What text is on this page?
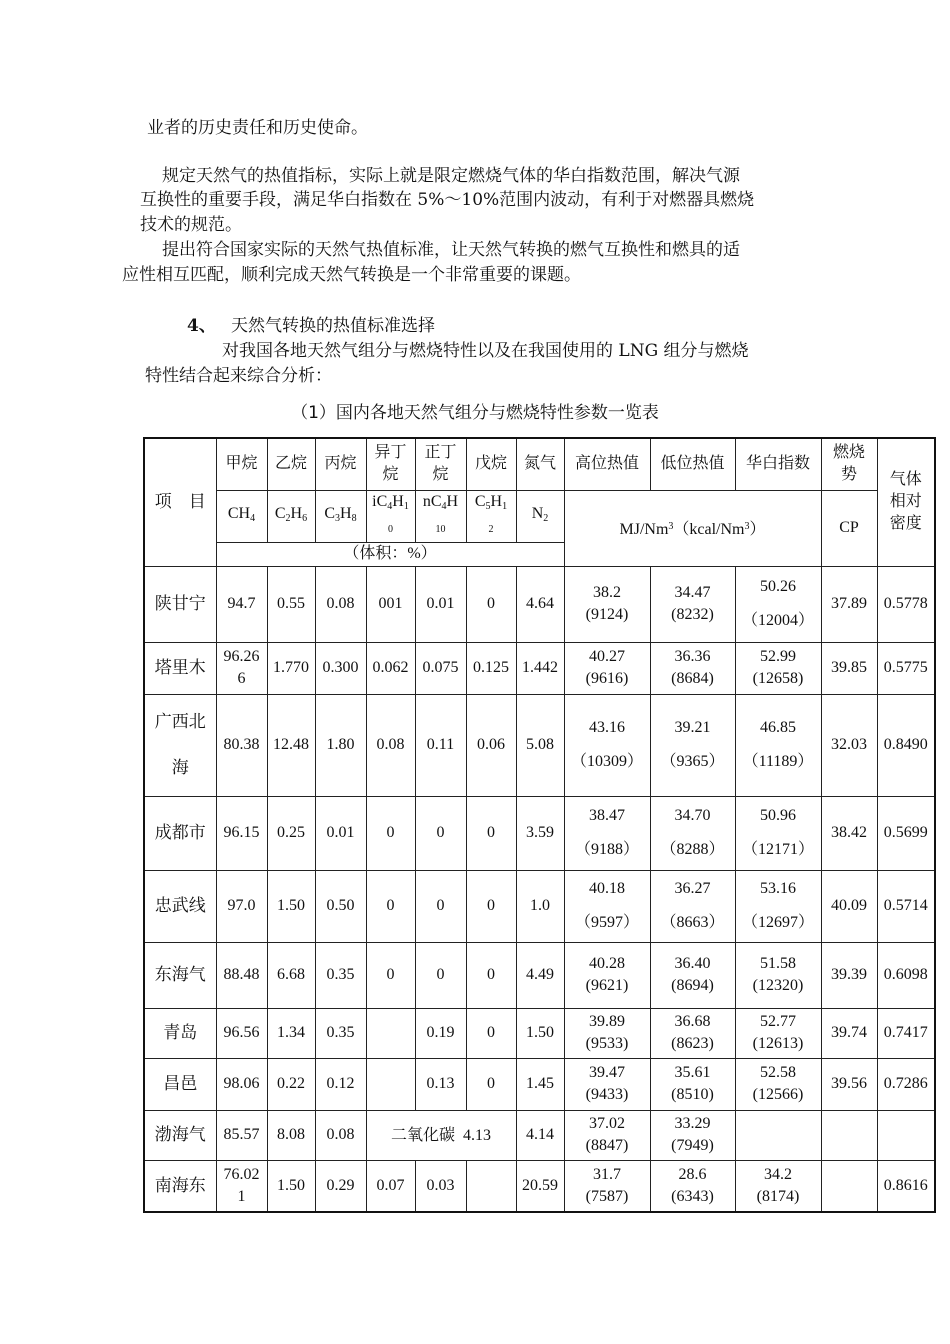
业者的历史责任和历史使命。
规定天然气的热值指标，实际上就是限定燃烧气体的华白指数范围，解决气源
互换性的重要手段，满足华白指数在 5%～10%范围内波动，有利于对燃器具燃烧
技术的规范。
提出符合国家实际的天然气热值标准，让天然气转换的燃气互换性和燃具的适
应性相互匹配，顺利完成天然气转换是一个非常重要的课题。
4、 天然气转换的热值标准选择
对我国各地天然气组分与燃烧特性以及在我国使用的 LNG 组分与燃烧
特性结合起来综合分析：
（1）国内各地天然气组分与燃烧特性参数一览表
项　目	甲烷	乙烷	丙烷	异丁
烷	正丁
烷	戊烷	氮气	高位热值	低位热值	华白指数	燃烧
势	气体
相对
密度
	$CH_4$	$C_2H_6$	$C_3H_8$	$iC_4H_1$
$_0$	$nC_4H$
$_{10}$	$C_5H_1$
$_2$	$N_2$	MJ/Nm$^3$（kcal/Nm$^3$）			CP	
	（体积：%）											
陕甘宁	94.7	0.55	0.08	001	0.01	0	4.64	38.2
(9124)	34.47
(8232)	50.26
（12004）	37.89	0.5778
塔里木	96.26
6	1.770	0.300	0.062	0.075	0.125	1.442	40.27
(9616)	36.36
(8684)	52.99
(12658)	39.85	0.5775
广西北
海	80.38	12.48	1.80	0.08	0.11	0.06	5.08	43.16
（10309）	39.21
（9365）	46.85
（11189）	32.03	0.8490
成都市	96.15	0.25	0.01	0	0	0	3.59	38.47
（9188）	34.70
（8288）	50.96
（12171）	38.42	0.5699
忠武线	97.0	1.50	0.50	0	0	0	1.0	40.18
（9597）	36.27
（8663）	53.16
（12697）	40.09	0.5714
东海气	88.48	6.68	0.35	0	0	0	4.49	40.28
(9621)	36.40
(8694)	51.58
(12320)	39.39	0.6098
青岛	96.56	1.34	0.35		0.19	0	1.50	39.89
(9533)	36.68
(8623)	52.77
(12613)	39.74	0.7417
昌邑	98.06	0.22	0.12		0.13	0	1.45	39.47
(9433)	35.61
(8510)	52.58
(12566)	39.56	0.7286
渤海气	85.57	8.08	0.08	二氧化碳 4.13			4.14	37.02
(8847)	33.29
(7949)	

南海东	76.02
1	1.50	0.29	0.07	0.03		20.59	31.7
(7587)	28.6
(6343)	34.2
(8174)		0.8616
